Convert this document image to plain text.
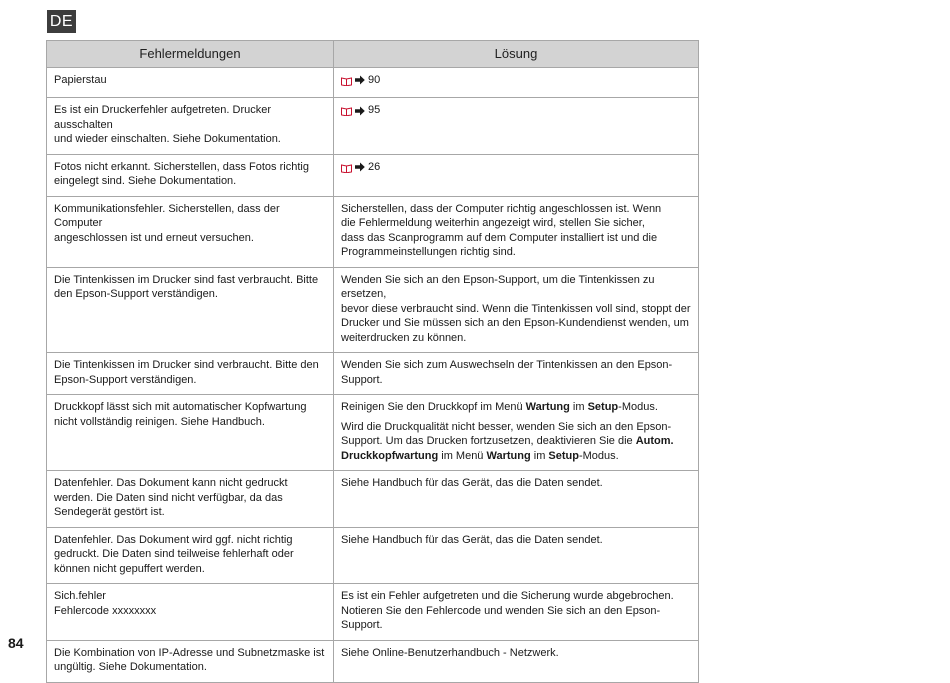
DE
Fehlermeldungen	Lösung

Papierstau	90

Es ist ein Druckerfehler aufgetreten. Drucker ausschalten
und wieder einschalten. Siehe Dokumentation.	95

Fotos nicht erkannt. Sicherstellen, dass Fotos richtig
eingelegt sind. Siehe Dokumentation.	26

Kommunikationsfehler. Sicherstellen, dass der Computer
angeschlossen ist und erneut versuchen.	Sicherstellen, dass der Computer richtig angeschlossen ist. Wenn
die Fehlermeldung weiterhin angezeigt wird, stellen Sie sicher,
dass das Scanprogramm auf dem Computer installiert ist und die
Programmeinstellungen richtig sind.

Die Tintenkissen im Drucker sind fast verbraucht. Bitte
den Epson-Support verständigen.	Wenden Sie sich an den Epson-Support, um die Tintenkissen zu ersetzen,
bevor diese verbraucht sind. Wenn die Tintenkissen voll sind, stoppt der
Drucker und Sie müssen sich an den Epson-Kundendienst wenden, um
weiterdrucken zu können.

Die Tintenkissen im Drucker sind verbraucht. Bitte den
Epson-Support verständigen.	Wenden Sie sich zum Auswechseln der Tintenkissen an den Epson-
Support.

Druckkopf lässt sich mit automatischer Kopfwartung
nicht vollständig reinigen. Siehe Handbuch.	Reinigen Sie den Druckkopf im Menü Wartung im Setup-Modus.
Wird die Druckqualität nicht besser, wenden Sie sich an den Epson-
Support. Um das Drucken fortzusetzen, deaktivieren Sie die Autom.
Druckkopfwartung im Menü Wartung im Setup-Modus.

Datenfehler. Das Dokument kann nicht gedruckt
werden. Die Daten sind nicht verfügbar, da das
Sendegerät gestört ist.	Siehe Handbuch für das Gerät, das die Daten sendet.

Datenfehler. Das Dokument wird ggf. nicht richtig
gedruckt. Die Daten sind teilweise fehlerhaft oder
können nicht gepuffert werden.	Siehe Handbuch für das Gerät, das die Daten sendet.

Sich.fehler
Fehlercode xxxxxxxx	Es ist ein Fehler aufgetreten und die Sicherung wurde abgebrochen.
Notieren Sie den Fehlercode und wenden Sie sich an den Epson-Support.

Die Kombination von IP-Adresse und Subnetzmaske ist
ungültig. Siehe Dokumentation.	Siehe Online-Benutzerhandbuch - Netzwerk.
84
